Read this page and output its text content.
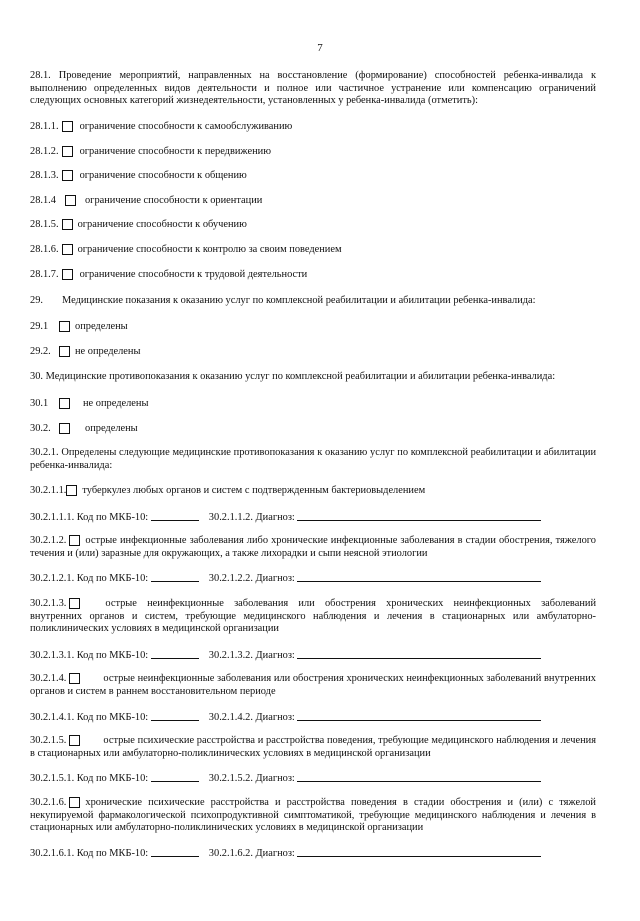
7
28.1. Проведение мероприятий, направленных на восстановление (формирование) способностей ребенка-инвалида к выполнению определенных видов деятельности и полное или частичное устранение или компенсацию ограничений следующих основных категорий жизнедеятельности, установленных у ребенка-инвалида (отметить):
28.1.1. ограничение способности к самообслуживанию
28.1.2. ограничение способности к передвижению
28.1.3. ограничение способности к общению
28.1.4	ограничение способности к ориентации
28.1.5. ограничение способности к обучению
28.1.6. ограничение способности к контролю за своим поведением
28.1.7. ограничение способности к трудовой деятельности
29. Медицинские показания к оказанию услуг по комплексной реабилитации и абилитации ребенка-инвалида:
29.1	определены
29.2. не определены
30. Медицинские противопоказания к оказанию услуг по комплексной реабилитации и абилитации ребенка-инвалида:
30.1	не определены
30.2.	определены
30.2.1. Определены следующие медицинские противопоказания к оказанию услуг по комплексной реабилитации и абилитации ребенка-инвалида:
30.2.1.1. туберкулез любых органов и систем с подтвержденным бактериовыделением
30.2.1.1.1. Код по МКБ-10:	30.2.1.1.2. Диагноз:
30.2.1.2. острые инфекционные заболевания либо хронические инфекционные заболевания в стадии обострения, тяжелого течения и (или) заразные для окружающих, а также лихорадки и сыпи неясной этиологии
30.2.1.2.1. Код по МКБ-10:	30.2.1.2.2. Диагноз:
30.2.1.3.	острые неинфекционные заболевания или обострения хронических неинфекционных заболеваний внутренних органов и систем, требующие медицинского наблюдения и лечения в стационарных или амбулаторно-поликлинических условиях в медицинской организации
30.2.1.3.1. Код по МКБ-10:	30.2.1.3.2. Диагноз:
30.2.1.4.	острые неинфекционные заболевания или обострения хронических неинфекционных заболеваний внутренних органов и систем в раннем восстановительном периоде
30.2.1.4.1. Код по МКБ-10:	30.2.1.4.2. Диагноз:
30.2.1.5.	острые психические расстройства и расстройства поведения, требующие медицинского наблюдения и лечения в стационарных или амбулаторно-поликлинических условиях в медицинской организации
30.2.1.5.1. Код по МКБ-10:	30.2.1.5.2. Диагноз:
30.2.1.6. хронические психические расстройства и расстройства поведения в стадии обострения и (или) с тяжелой некупируемой фармакологической психопродуктивной симптоматикой, требующие медицинского наблюдения и лечения в стационарных или амбулаторно-поликлинических условиях в медицинской организации
30.2.1.6.1. Код по МКБ-10:	30.2.1.6.2. Диагноз:
